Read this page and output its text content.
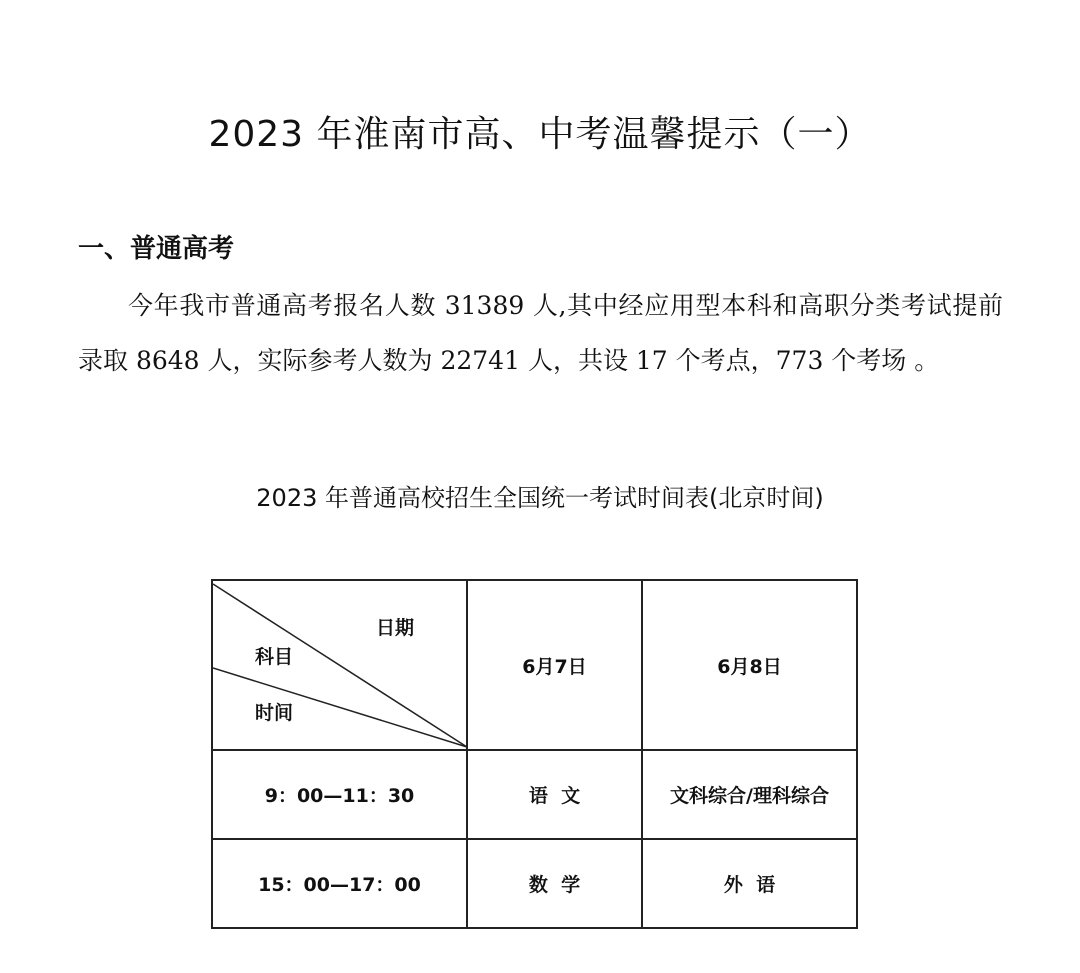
2023 年淮南市高、中考温馨提示（一）
一、普通高考

今年我市普通高考报名人数 31389 人,其中经应用型本科和高职分类考试提前录取 8648 人，实际参考人数为 22741 人，共设 17 个考点，773 个考场 。

2023 年普通高校招生全国统一考试时间表(北京时间)
日期
科目
时间	6月7日	6月8日
9：00—11：30	语  文	文科综合/理科综合
15：00—17：00	数  学	外  语
